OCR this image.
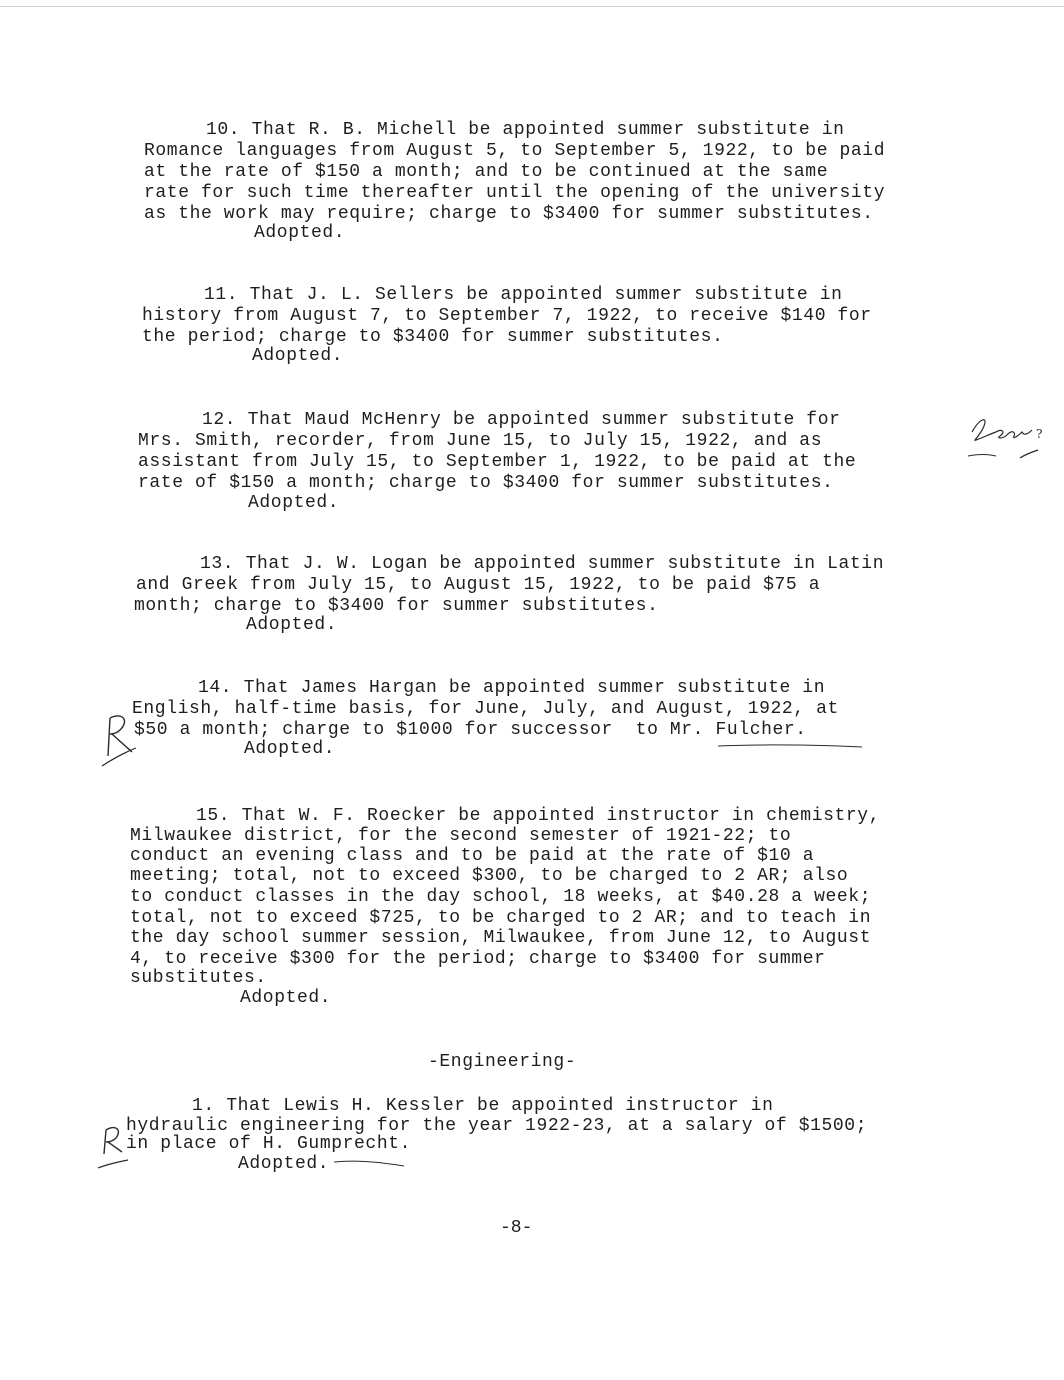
10. That R. B. Michell be appointed summer substitute in
Romance languages from August 5, to September 5, 1922, to be paid
at the rate of $150 a month; and to be continued at the same
rate for such time thereafter until the opening of the university
as the work may require; charge to $3400 for summer substitutes.
Adopted.
11. That J. L. Sellers be appointed summer substitute in
history from August 7, to September 7, 1922, to receive $140 for
the period; charge to $3400 for summer substitutes.
Adopted.
12. That Maud McHenry be appointed summer substitute for
Mrs. Smith, recorder, from June 15, to July 15, 1922, and as
assistant from July 15, to September 1, 1922, to be paid at the
rate of $150 a month; charge to $3400 for summer substitutes.
Adopted.
13. That J. W. Logan be appointed summer substitute in Latin
and Greek from July 15, to August 15, 1922, to be paid $75 a
month; charge to $3400 for summer substitutes.
Adopted.
14. That James Hargan be appointed summer substitute in
English, half-time basis, for June, July, and August, 1922, at
$50 a month; charge to $1000 for successor  to Mr. Fulcher.
Adopted.
15. That W. F. Roecker be appointed instructor in chemistry,
Milwaukee district, for the second semester of 1921-22; to
conduct an evening class and to be paid at the rate of $10 a
meeting; total, not to exceed $300, to be charged to 2 AR; also
to conduct classes in the day school, 18 weeks, at $40.28 a week;
total, not to exceed $725, to be charged to 2 AR; and to teach in
the day school summer session, Milwaukee, from June 12, to August
4, to receive $300 for the period; charge to $3400 for summer
substitutes.
Adopted.
-Engineering-
1. That Lewis H. Kessler be appointed instructor in
hydraulic engineering for the year 1922-23, at a salary of $1500;
in place of H. Gumprecht.
Adopted.
-8-
?
